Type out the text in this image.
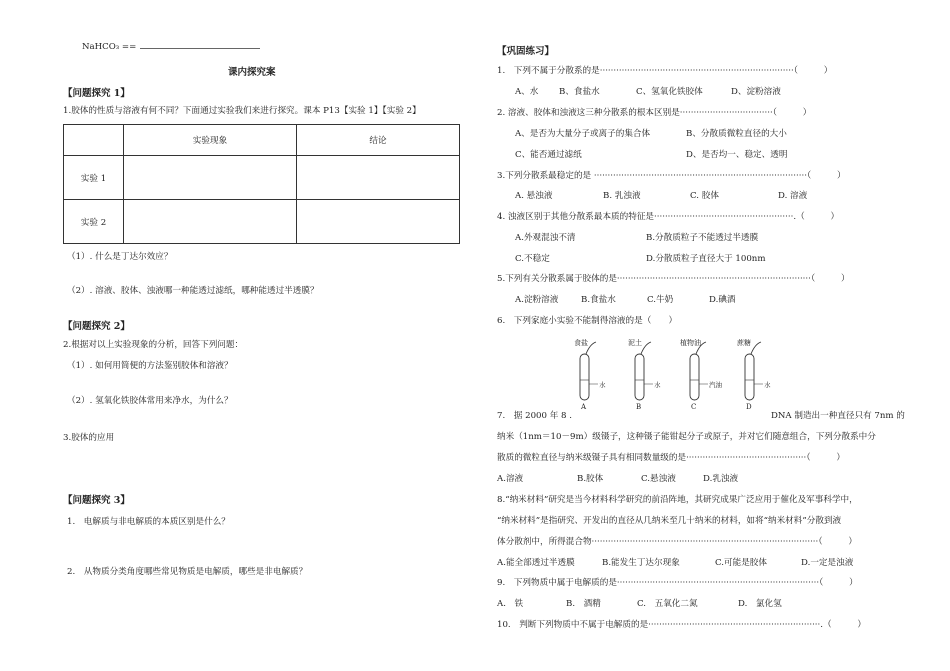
NaHCO₃ ==
课内探究案
【问题探究 1】
1.胶体的性质与溶液有何不同？下面通过实验我们来进行探究。课本 P13【实验 1】【实验 2】
	实验现象	结论
实验 1		
实验 2		
（1）. 什么是丁达尔效应？
（2）. 溶液、胶体、浊液哪一种能透过滤纸，哪种能透过半透膜？
【问题探究 2】
2.根据对以上实验现象的分析，回答下列问题：
（1）. 如何用简便的方法鉴别胶体和溶液？
（2）. 氢氧化铁胶体常用来净水，为什么？
3.胶体的应用
【问题探究 3】
1.　电解质与非电解质的本质区别是什么？
2.　从物质分类角度哪些常见物质是电解质，哪些是非电解质？
【巩固练习】
1.　下列不属于分散系的是·······································································（　　　）
A、水 B、食盐水	C、氢氧化铁胶体	D、淀粉溶液
2. 溶液、胶体和浊液这三种分散系的根本区别是··································（　　　）
A、是否为大量分子或离子的集合体	B、分散质微粒直径的大小
C、能否通过滤纸	D、是否均一、稳定、透明
3.下列分散系最稳定的是 ··············································································（　　　）
A. 悬浊液	B. 乳浊液	C. 胶体	D. 溶液
4. 浊液区别于其他分散系最本质的特征是···················································.（　　　）
A.外观混浊不清	B.分散质粒子不能透过半透膜
C.不稳定	D.分散质粒子直径大于 100nm
5.下列有关分散系属于胶体的是·······································································（　　　）
A.淀粉溶液	B.食盐水	C.牛奶	D.碘酒
6.　下列家庭小实验不能制得溶液的是（　　）
食盐	泥土	植物油	蔗糖
水	水	汽油	水
A	B	C	D
7.　据 2000 年 8 .	DNA 制造出一种直径只有 7nm 的
纳米（1nm＝10－9m）级镊子，这种镊子能钳起分子或原子，并对它们随意组合，下列分散系中分
散质的微粒直径与纳米级镊子具有相同数量级的是············································（　　　）
A.溶液	B.胶体	C.悬浊液	D.乳浊液
8.“纳米材料”研究是当今材料科学研究的前沿阵地，其研究成果广泛应用于催化及军事科学中，
“纳米材料”是指研究、开发出的直径从几纳米至几十纳米的材料，如将“纳米材料”分散到液
体分散剂中，所得混合物···················································································（　　　）
A.能全部透过半透膜	B.能发生丁达尔现象	C.可能是胶体	D.一定是浊液
9.　下列物质中属于电解质的是··········································································（　　　）
A.　铁	B.　酒精	C.　五氧化二氮	D.　氯化氢
10.　判断下列物质中不属于电解质的是·······························································.（　　　）
